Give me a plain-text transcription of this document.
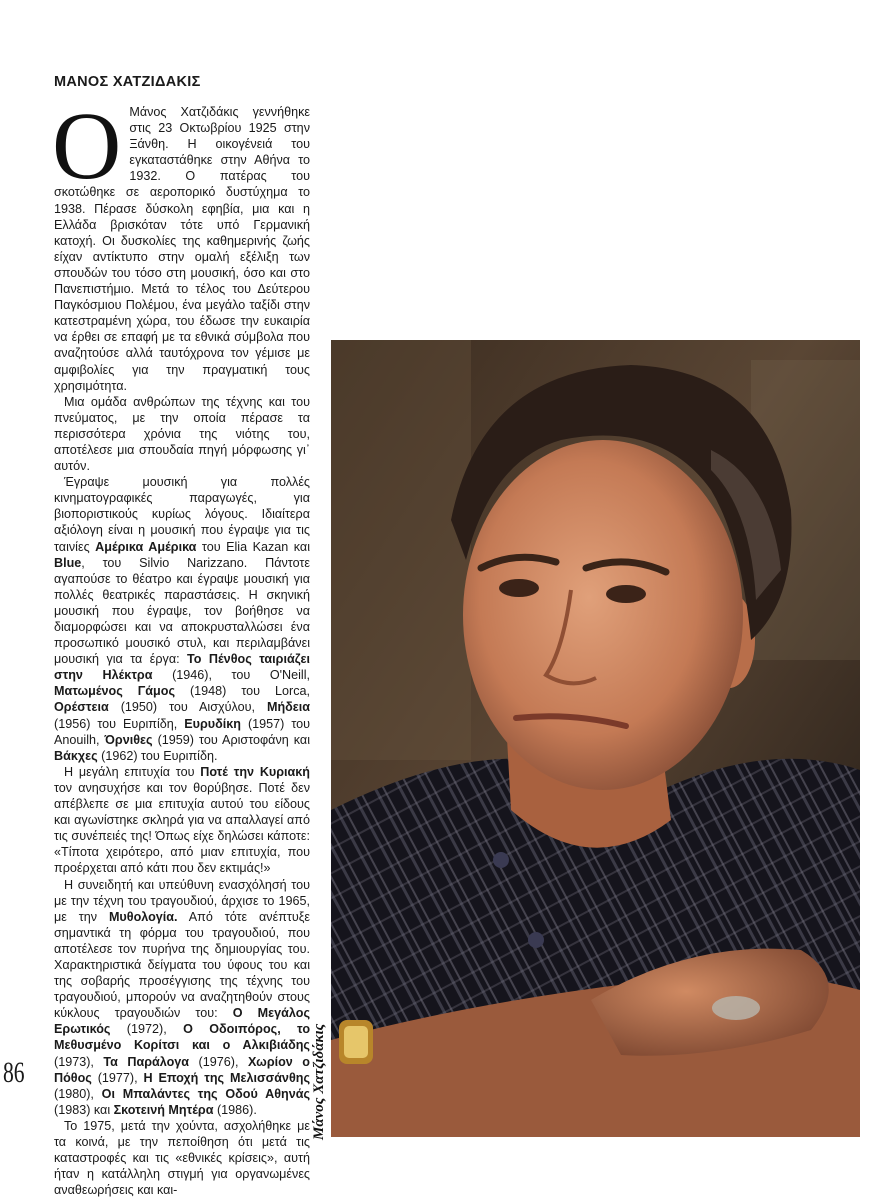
ΜΑΝΟΣ ΧΑΤΖΙΔΑΚΙΣ

Ο Μάνος Χατζιδάκις γεννήθηκε στις 23 Οκτωβρίου 1925 στην Ξάνθη. Η οικογένειά του εγκαταστάθηκε στην Αθήνα το 1932. Ο πατέρας του σκοτώθηκε σε αεροπορικό δυστύχημα το 1938. Πέρασε δύσκολη εφηβία, μια και η Ελλάδα βρισκόταν τότε υπό Γερμανική κατοχή. Οι δυσκολίες της καθημερινής ζωής είχαν αντίκτυπο στην ομαλή εξέλιξη των σπουδών του τόσο στη μουσική, όσο και στο Πανεπιστήμιο. Μετά το τέλος του Δεύτερου Παγκόσμιου Πολέμου, ένα μεγάλο ταξίδι στην κατεστραμένη χώρα, του έδωσε την ευκαιρία να έρθει σε επαφή με τα εθνικά σύμβολα που αναζητούσε αλλά ταυτόχρονα τον γέμισε με αμφιβολίες για την πραγματική τους χρησιμότητα.

Μια ομάδα ανθρώπων της τέχνης και του πνεύματος, με την οποία πέρασε τα περισσότερα χρόνια της νιότης του, αποτέλεσε μια σπουδαία πηγή μόρφωσης γι᾽ αυτόν.

Έγραψε μουσική για πολλές κινηματογραφικές παραγωγές, για βιοποριστικούς κυρίως λόγους. Ιδιαίτερα αξιόλογη είναι η μουσική που έγραψε για τις ταινίες Αμέρικα Αμέρικα του Elia Kazan και Blue, του Silvio Narizzano. Πάντοτε αγαπούσε το θέατρο και έγραψε μουσική για πολλές θεατρικές παραστάσεις. Η σκηνική μουσική που έγραψε, τον βοήθησε να διαμορφώσει και να αποκρυσταλλώσει ένα προσωπικό μουσικό στυλ, και περιλαμβάνει μουσική για τα έργα: Το Πένθος ταιριάζει στην Ηλέκτρα (1946), του O'Neill, Ματωμένος Γάμος (1948) του Lorca, Ορέστεια (1950) του Αισχύλου, Μήδεια (1956) του Ευριπίδη, Ευρυδίκη (1957) του Anouilh, Όρνιθες (1959) του Αριστοφάνη και Βάκχες (1962) του Ευριπίδη.

Η μεγάλη επιτυχία του Ποτέ την Κυριακή τον ανησυχήσε και τον θορύβησε. Ποτέ δεν απέβλεπε σε μια επιτυχία αυτού του είδους και αγωνίστηκε σκληρά για να απαλλαγεί από τις συνέπειές της! Όπως είχε δηλώσει κάποτε: «Τίποτα χειρότερο, από μιαν επιτυχία, που προέρχεται από κάτι που δεν εκτιμάς!»

Η συνειδητή και υπεύθυνη ενασχόλησή του με την τέχνη του τραγουδιού, άρχισε το 1965, με την Μυθολογία. Από τότε ανέπτυξε σημαντικά τη φόρμα του τραγουδιού, που αποτέλεσε τον πυρήνα της δημιουργίας του. Χαρακτηριστικά δείγματα του ύφους του και της σοβαρής προσέγγισης της τέχνης του τραγουδιού, μπορούν να αναζητηθούν στους κύκλους τραγουδιών του: Ο Μεγάλος Ερωτικός (1972), Ο Οδοιπόρος, το Μεθυσμένο Κορίτσι και ο Αλκιβιάδης (1973), Τα Παράλογα (1976), Χωρίον ο Πόθος (1977), Η Εποχή της Μελισσάνθης (1980), Οι Μπαλάντες της Οδού Αθηνάς (1983) και Σκοτεινή Μητέρα (1986).

Το 1975, μετά την χούντα, ασχολήθηκε με τα κοινά, με την πεποίθηση ότι μετά τις καταστροφές και τις «εθνικές κρίσεις», αυτή ήταν η κατάλληλη στιγμή για οργανωμένες αναθεωρήσεις και και-

86	Μάνος Χατζιδάκις
